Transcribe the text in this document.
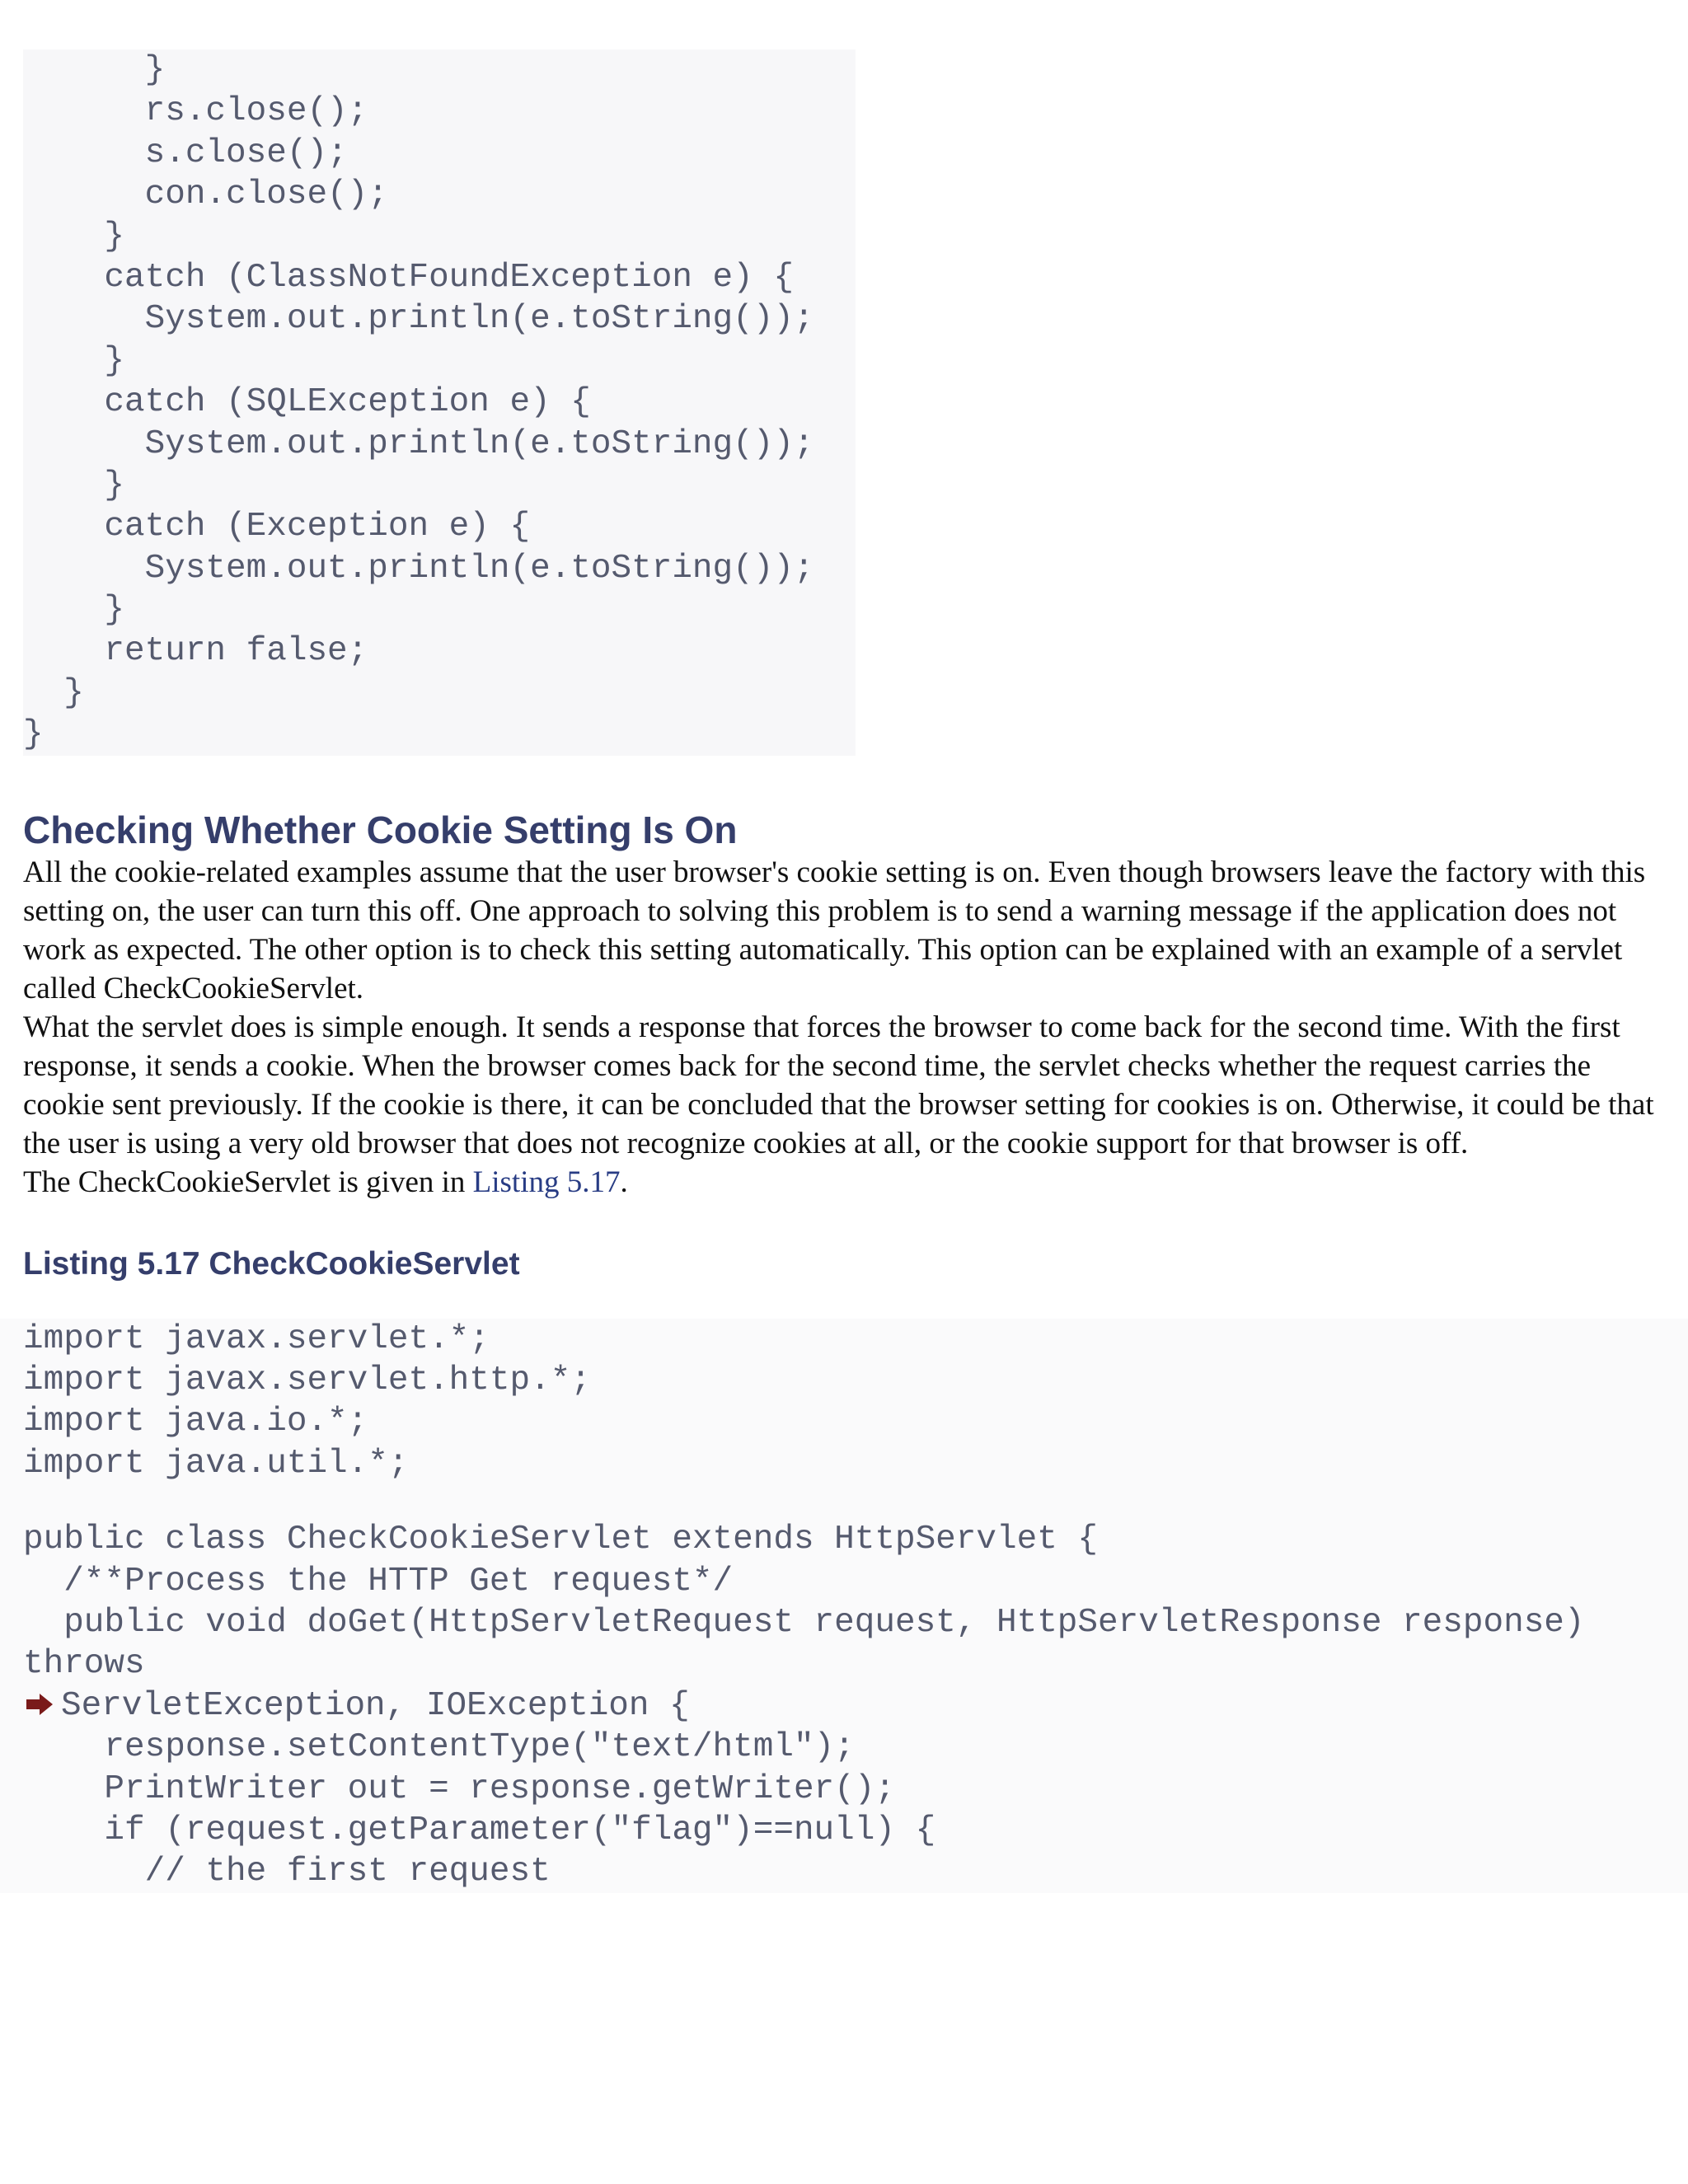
}
rs.close();
s.close();
con.close();
}
catch (ClassNotFoundException e) {
System.out.println(e.toString());
}
catch (SQLException e) {
System.out.println(e.toString());
}
catch (Exception e) {
System.out.println(e.toString());
}
return false;
}
}
Checking Whether Cookie Setting Is On

All the cookie-related examples assume that the user browser's cookie setting is on. Even though browsers leave the factory with this setting on, the user can turn this off. One approach to solving this problem is to send a warning message if the application does not work as expected. The other option is to check this setting automatically. This option can be explained with an example of a servlet called CheckCookieServlet.

What the servlet does is simple enough. It sends a response that forces the browser to come back for the second time. With the first response, it sends a cookie. When the browser comes back for the second time, the servlet checks whether the request carries the cookie sent previously. If the cookie is there, it can be concluded that the browser setting for cookies is on. Otherwise, it could be that the user is using a very old browser that does not recognize cookies at all, or the cookie support for that browser is off.

The CheckCookieServlet is given in Listing 5.17.

Listing 5.17 CheckCookieServlet
import javax.servlet.*;
import javax.servlet.http.*;
import java.io.*;
import java.util.*;
public class CheckCookieServlet extends HttpServlet {
/**Process the HTTP Get request*/
public void doGet(HttpServletRequest request, HttpServletResponse response)
throws
ServletException, IOException {
response.setContentType("text/html");
PrintWriter out = response.getWriter();
if (request.getParameter("flag")==null) {
// the first request
